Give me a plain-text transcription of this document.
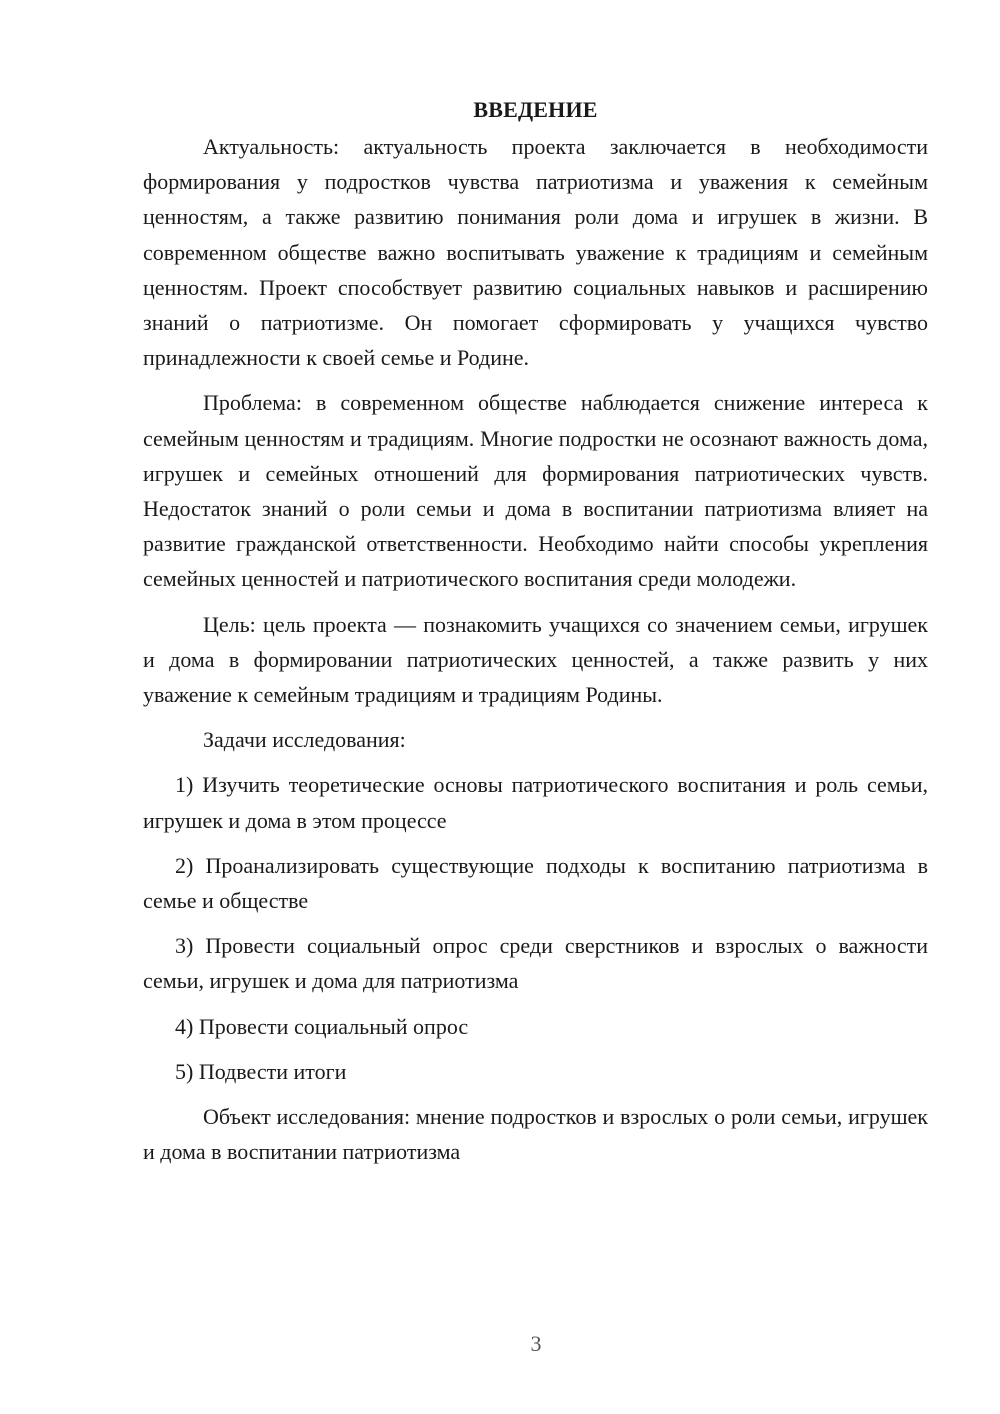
ВВЕДЕНИЕ

Актуальность: актуальность проекта заключается в необходимости формирования у подростков чувства патриотизма и уважения к семейным ценностям, а также развитию понимания роли дома и игрушек в жизни. В современном обществе важно воспитывать уважение к традициям и семейным ценностям. Проект способствует развитию социальных навыков и расширению знаний о патриотизме. Он помогает сформировать у учащихся чувство принадлежности к своей семье и Родине.

Проблема: в современном обществе наблюдается снижение интереса к семейным ценностям и традициям. Многие подростки не осознают важность дома, игрушек и семейных отношений для формирования патриотических чувств. Недостаток знаний о роли семьи и дома в воспитании патриотизма влияет на развитие гражданской ответственности. Необходимо найти способы укрепления семейных ценностей и патриотического воспитания среди молодежи.

Цель: цель проекта — познакомить учащихся со значением семьи, игрушек и дома в формировании патриотических ценностей, а также развить у них уважение к семейным традициям и традициям Родины.

Задачи исследования:

1) Изучить теоретические основы патриотического воспитания и роль семьи, игрушек и дома в этом процессе

2) Проанализировать существующие подходы к воспитанию патриотизма в семье и обществе

3) Провести социальный опрос среди сверстников и взрослых о важности семьи, игрушек и дома для патриотизма

4) Провести социальный опрос

5) Подвести итоги

Объект исследования: мнение подростков и взрослых о роли семьи, игрушек и дома в воспитании патриотизма

3
